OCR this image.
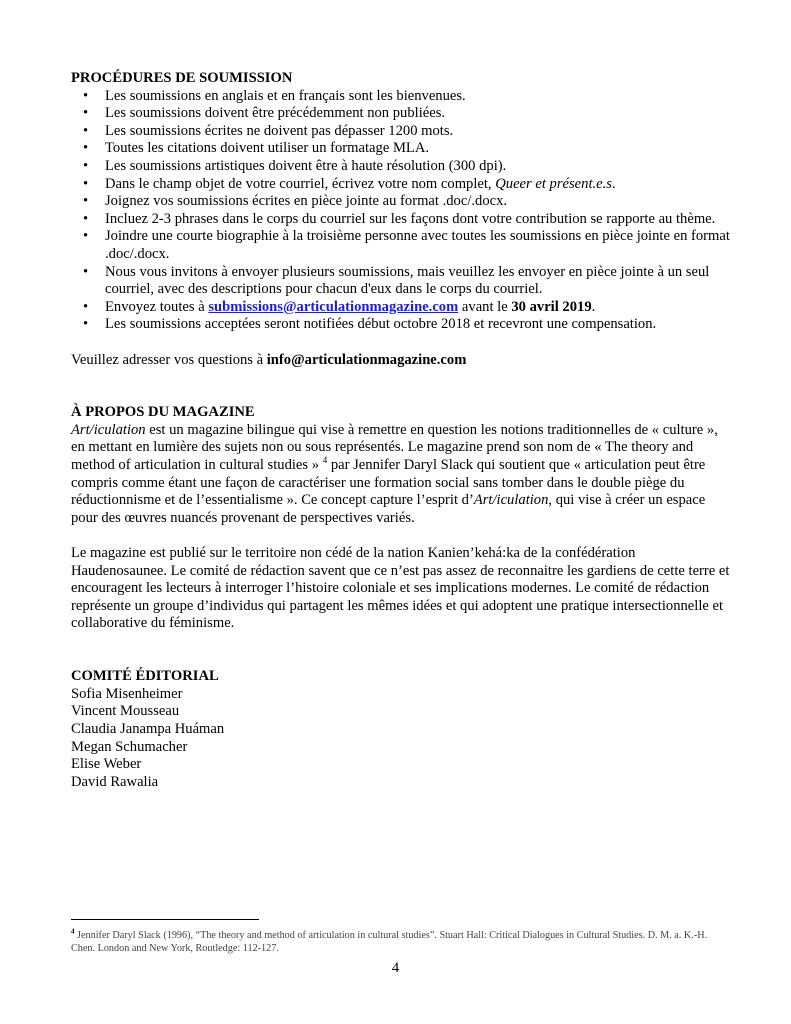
PROCÉDURES DE SOUMISSION
• Les soumissions en anglais et en français sont les bienvenues.
• Les soumissions doivent être précédemment non publiées.
• Les soumissions écrites ne doivent pas dépasser 1200 mots.
• Toutes les citations doivent utiliser un formatage MLA.
• Les soumissions artistiques doivent être à haute résolution (300 dpi).
• Dans le champ objet de votre courriel, écrivez votre nom complet, Queer et présent.e.s.
• Joignez vos soumissions écrites en pièce jointe au format .doc/.docx.
• Incluez 2-3 phrases dans le corps du courriel sur les façons dont votre contribution se rapporte au thème.
• Joindre une courte biographie à la troisième personne avec toutes les soumissions en pièce jointe en format .doc/.docx.
• Nous vous invitons à envoyer plusieurs soumissions, mais veuillez les envoyer en pièce jointe à un seul courriel, avec des descriptions pour chacun d'eux dans le corps du courriel.
• Envoyez toutes à submissions@articulationmagazine.com avant le 30 avril 2019.
• Les soumissions acceptées seront notifiées début octobre 2018 et recevront une compensation.

Veuillez adresser vos questions à info@articulationmagazine.com

À PROPOS DU MAGAZINE

Art/iculation est un magazine bilingue qui vise à remettre en question les notions traditionnelles de « culture », en mettant en lumière des sujets non ou sous représentés. Le magazine prend son nom de « The theory and method of articulation in cultural studies » $^4$ par Jennifer Daryl Slack qui soutient que « articulation peut être compris comme étant une façon de caractériser une formation social sans tomber dans le double piège du réductionnisme et de l’essentialisme ». Ce concept capture l’esprit d’Art/iculation, qui vise à créer un espace pour des œuvres nuancés provenant de perspectives variés.

Le magazine est publié sur le territoire non cédé de la nation Kanien’kehá:ka de la confédération Haudenosaunee. Le comité de rédaction savent que ce n’est pas assez de reconnaitre les gardiens de cette terre et encouragent les lecteurs à interroger l’histoire coloniale et ses implications modernes. Le comité de rédaction représente un groupe d’individus qui partagent les mêmes idées et qui adoptent une pratique intersectionnelle et collaborative du féminisme.

COMITÉ ÉDITORIAL
Sofia Misenheimer
Vincent Mousseau
Claudia Janampa Huáman
Megan Schumacher
Elise Weber
David Rawalia
$^4$ Jennifer Daryl Slack (1996), “The theory and method of articulation in cultural studies”. Stuart Hall: Critical Dialogues in Cultural Studies. D. M. a. K.-H. Chen. London and New York, Routledge: 112-127.
4
